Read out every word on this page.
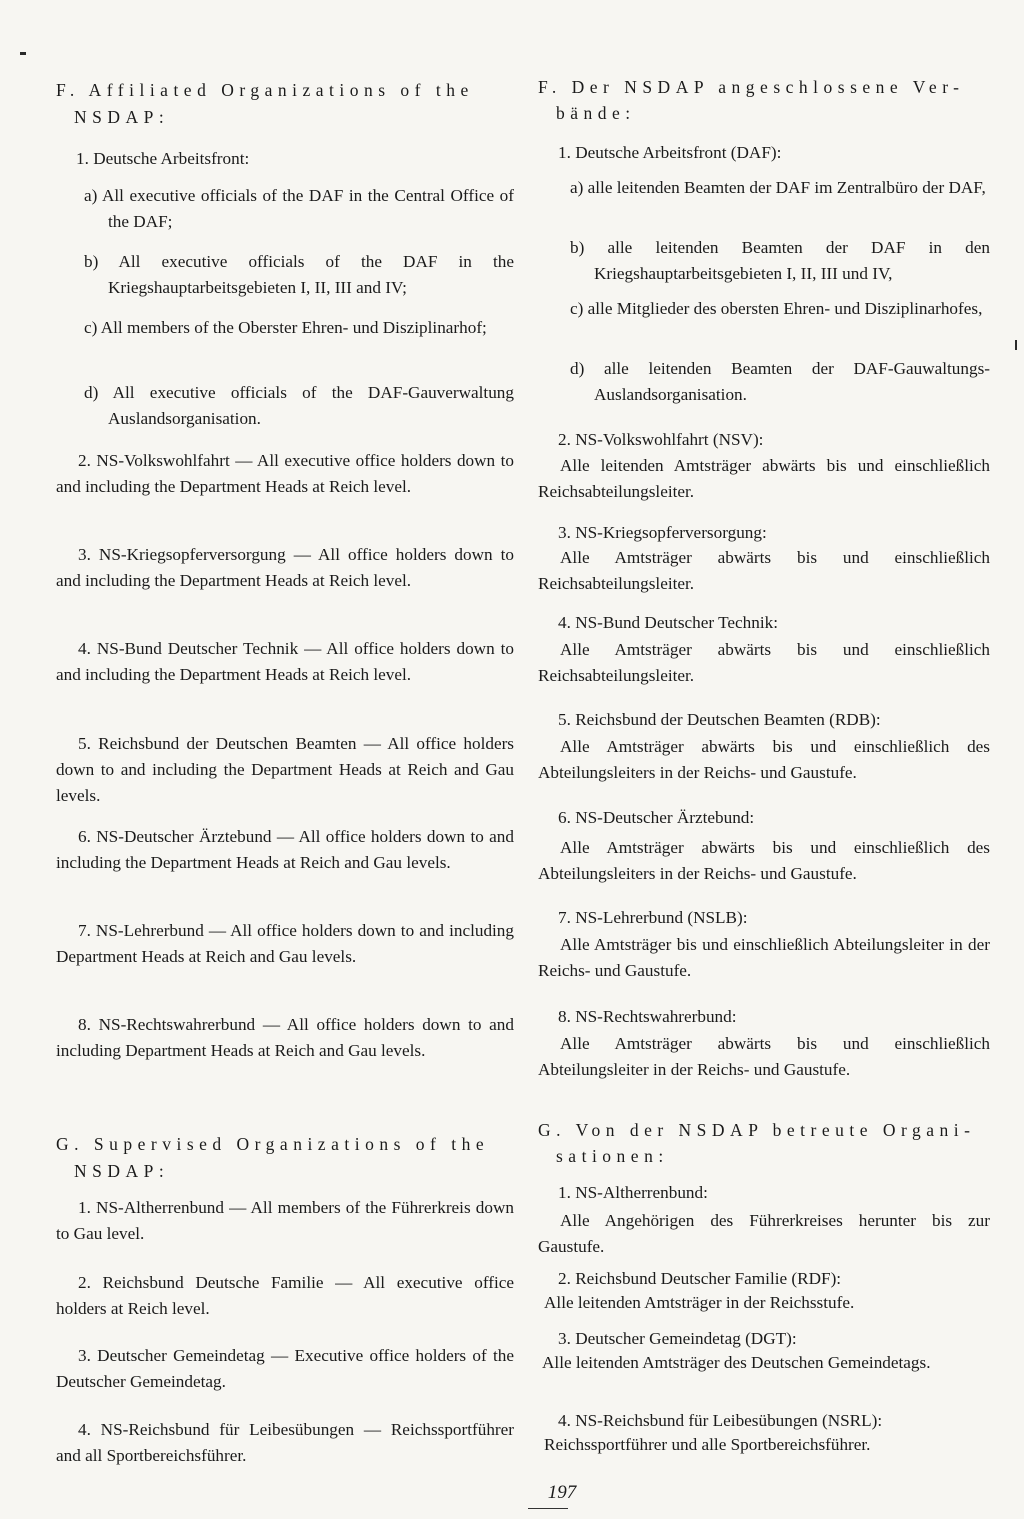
F. Affiliated Organizations of the
NSDAP:
1. Deutsche Arbeitsfront:
a) All executive officials of the DAF in the Central Office of the DAF;
b) All executive officials of the DAF in the Kriegshauptarbeitsgebieten I, II, III and IV;
c) All members of the Oberster Ehren- und Disziplinarhof;
d) All executive officials of the DAF-Gauverwaltung Auslandsorganisation.
2. NS-Volkswohlfahrt — All executive office holders down to and including the Department Heads at Reich level.
3. NS-Kriegsopferversorgung — All office holders down to and including the Department Heads at Reich level.
4. NS-Bund Deutscher Technik — All office holders down to and including the Department Heads at Reich level.
5. Reichsbund der Deutschen Beamten — All office holders down to and including the Department Heads at Reich and Gau levels.
6. NS-Deutscher Ärztebund — All office holders down to and including the Department Heads at Reich and Gau levels.
7. NS-Lehrerbund — All office holders down to and including Department Heads at Reich and Gau levels.
8. NS-Rechtswahrerbund — All office holders down to and including Department Heads at Reich and Gau levels.
G. Supervised Organizations of the
NSDAP:
1. NS-Altherrenbund — All members of the Führerkreis down to Gau level.
2. Reichsbund Deutsche Familie — All executive office holders at Reich level.
3. Deutscher Gemeindetag — Executive office holders of the Deutscher Gemeindetag.
4. NS-Reichsbund für Leibesübungen — Reichssportführer and all Sportbereichsführer.
F. Der NSDAP angeschlossene Ver-
bände:
1. Deutsche Arbeitsfront (DAF):
a) alle leitenden Beamten der DAF im Zentralbüro der DAF,
b) alle leitenden Beamten der DAF in den Kriegshauptarbeitsgebieten I, II, III und IV,
c) alle Mitglieder des obersten Ehren- und Disziplinarhofes,
d) alle leitenden Beamten der DAF-Gauwaltungs-Auslandsorganisation.
2. NS-Volkswohlfahrt (NSV):
Alle leitenden Amtsträger abwärts bis und einschließlich Reichsabteilungsleiter.
3. NS-Kriegsopferversorgung:
Alle Amtsträger abwärts bis und einschließlich Reichsabteilungsleiter.
4. NS-Bund Deutscher Technik:
Alle Amtsträger abwärts bis und einschließlich Reichsabteilungsleiter.
5. Reichsbund der Deutschen Beamten (RDB):
Alle Amtsträger abwärts bis und einschließlich des Abteilungsleiters in der Reichs- und Gaustufe.
6. NS-Deutscher Ärztebund:
Alle Amtsträger abwärts bis und einschließlich des Abteilungsleiters in der Reichs- und Gaustufe.
7. NS-Lehrerbund (NSLB):
Alle Amtsträger bis und einschließlich Abteilungsleiter in der Reichs- und Gaustufe.
8. NS-Rechtswahrerbund:
Alle Amtsträger abwärts bis und einschließlich Abteilungsleiter in der Reichs- und Gaustufe.
G. Von der NSDAP betreute Organi-
sationen:
1. NS-Altherrenbund:
Alle Angehörigen des Führerkreises herunter bis zur Gaustufe.
2. Reichsbund Deutscher Familie (RDF):
Alle leitenden Amtsträger in der Reichsstufe.
3. Deutscher Gemeindetag (DGT):
Alle leitenden Amtsträger des Deutschen Gemeindetags.
4. NS-Reichsbund für Leibesübungen (NSRL):
Reichssportführer und alle Sportbereichsführer.
197
